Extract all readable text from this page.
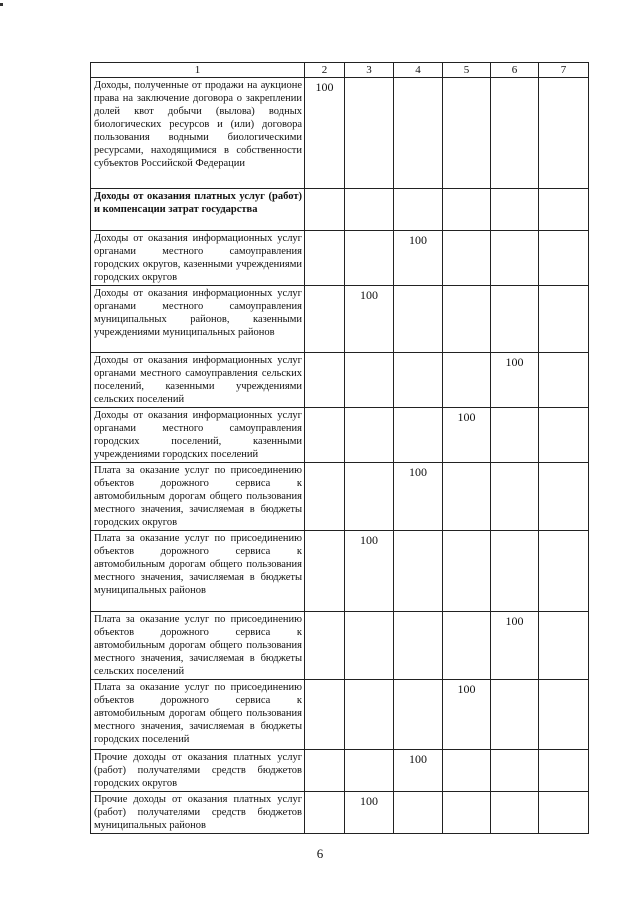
1	2	3	4	5	6	7
Доходы, полученные от продажи на аукционе права на заключение договора о закреплении долей квот добычи (вылова) водных биологических ресурсов и (или) договора пользования водными биологическими ресурсами, находящимися в собственности субъектов Российской Федерации	100					
Доходы от оказания платных услуг (работ) и компенсации затрат государства						
Доходы от оказания информационных услуг органами местного самоуправления городских округов, казенными учреждениями городских округов			100			
Доходы от оказания информационных услуг органами местного самоуправления муниципальных районов, казенными учреждениями муниципальных районов		100				
Доходы от оказания информационных услуг органами местного самоуправления сельских поселений, казенными учреждениями сельских поселений					100	
Доходы от оказания информационных услуг органами местного самоуправления городских поселений, казенными учреждениями городских поселений				100		
Плата за оказание услуг по присоединению объектов дорожного сервиса к автомобильным дорогам общего пользования местного значения, зачисляемая в бюджеты городских округов			100			
Плата за оказание услуг по присоединению объектов дорожного сервиса к автомобильным дорогам общего пользования местного значения, зачисляемая в бюджеты муниципальных районов		100				
Плата за оказание услуг по присоединению объектов дорожного сервиса к автомобильным дорогам общего пользования местного значения, зачисляемая в бюджеты сельских поселений					100	
Плата за оказание услуг по присоединению объектов дорожного сервиса к автомобильным дорогам общего пользования местного значения, зачисляемая в бюджеты городских поселений				100		
Прочие доходы от оказания платных услуг (работ) получателями средств бюджетов городских округов			100			
Прочие доходы от оказания платных услуг (работ) получателями средств бюджетов муниципальных районов		100				
6
